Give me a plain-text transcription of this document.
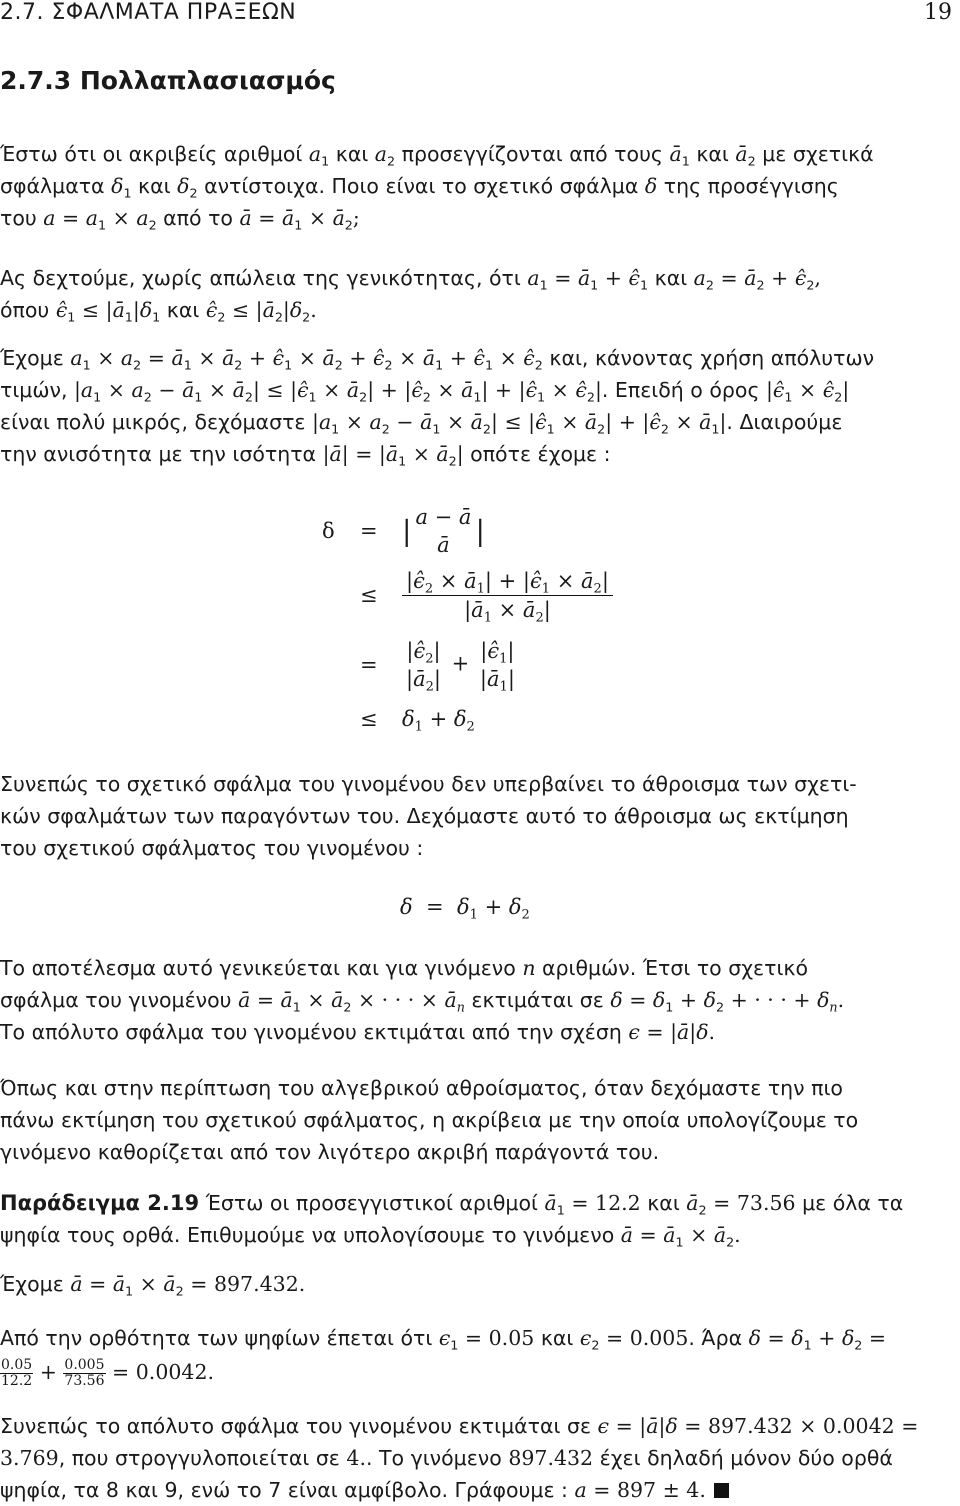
2.7. ΣΦΑΛΜΑΤΑ ΠΡΑΞΕΩΝ	19
2.7.3 Πολλαπλασιασμός
Έστω ότι οι ακριβείς αριθμοί $a_1$ και $a_2$ προσεγγίζονται από τους $ā_1$ και $ā_2$ με σχετικά
σφάλματα $\delta_1$ και $\delta_2$ αντίστοιχα. Ποιο είναι το σχετικό σφάλμα δ της προσέγγισης
του $a = a_1 \times a_2$ από το ā = $ā_1$ × $ā_2$;
Ας δεχτούμε, χωρίς απώλεια της γενικότητας, ότι $a_1$ = $ā_1$ + $\epsilon̂_1$ και $a_2$ = $ā_2$ + $\epsilon̂_2$,
όπου $\epsilon̂_1$ ≤ $|ā_1|\delta_1$ και $\epsilon̂_2$ ≤ $|ā_2|\delta_2$.
Έχομε $a_1 \times a_2$ = $ā_1$ × $ā_2$ + $\epsilon̂_1$ × $ā_2$ + $\epsilon̂_2$ × $ā_1$ + $\epsilon̂_1$ × $\epsilon̂_2$ και, κάνοντας χρήση απόλυτων
τιμών, $|a_1 \times a_2$ − $ā_1$ × $ā_2|$ ≤ $|\epsilon̂_1$ × $ā_2|$ + $|\epsilon̂_2$ × $ā_1|$ + $|\epsilon̂_1$ × $\epsilon̂_2|$. Επειδή ο όρος $|\epsilon̂_1$ × $\epsilon̂_2|$
είναι πολύ μικρός, δεχόμαστε $|a_1 \times a_2$ − $ā_1$ × $ā_2|$ ≤ $|\epsilon̂_1$ × $ā_2|$ + $|\epsilon̂_2$ × $ā_1|$. Διαιρούμε
την ανισότητα με την ισότητα |ā| = $|ā_1$ × $ā_2|$ οπότε έχομε :
δ	= | a − ā
ā |
≤	$\frac{|\epsilon̂_2 \times ā_1| + |\epsilon̂_1 \times ā_2|}{|ā_1 \times ā_2|}$
=
$|\epsilon̂_2|$
$|ā_2|$
+
$|\epsilon̂_1|$
$|ā_1|$
≤	$\delta_1 + \delta_2$
Συνεπώς το σχετικό σφάλμα του γινομένου δεν υπερβαίνει το άθροισμα των σχετι-
κών σφαλμάτων των παραγόντων του. Δεχόμαστε αυτό το άθροισμα ως εκτίμηση
του σχετικού σφάλματος του γινομένου :
$\delta = \delta_1 + \delta_2$
Το αποτέλεσμα αυτό γενικεύεται και για γινόμενο n αριθμών. Έτσι το σχετικό
σφάλμα του γινομένου ā = $ā_1$ × $ā_2$ × · · · × $ā_n$ εκτιμάται σε $\delta = \delta_1 + \delta_2$ + · · · + $\delta_n$.
Το απόλυτο σφάλμα του γινομένου εκτιμάται από την σχέση ϵ = |ā|δ.
Όπως και στην περίπτωση του αλγεβρικού αθροίσματος, όταν δεχόμαστε την πιο
πάνω εκτίμηση του σχετικού σφάλματος, η ακρίβεια με την οποία υπολογίζουμε το
γινόμενο καθορίζεται από τον λιγότερο ακριβή παράγοντά του.
Παράδειγμα 2.19 Έστω οι προσεγγιστικοί αριθμοί $ā_1 = 12.2$ και $ā_2 = 73.56$ με όλα τα
ψηφία τους ορθά. Επιθυμούμε να υπολογίσουμε το γινόμενο ā = $ā_1$ × $ā_2$.
Έχομε ā = $ā_1$ × $ā_2 = 897.432$.
Από την ορθότητα των ψηφίων έπεται ότι $\epsilon_1 = 0.05$ και $\epsilon_2 = 0.005$. Άρα $\delta = \delta_1 + \delta_2$ =
$\frac{0.05}{12.2} + \frac{0.005}{73.56} = 0.0042$.
Συνεπώς το απόλυτο σφάλμα του γινομένου εκτιμάται σε ϵ = |ā|δ = 897.432 × 0.0042 =
3.769, που στρογγυλοποιείται σε 4.. Το γινόμενο 897.432 έχει δηλαδή μόνον δύο ορθά
ψηφία, τα 8 και 9, ενώ το 7 είναι αμφίβολο. Γράφουμε : a = 897 ± 4.
